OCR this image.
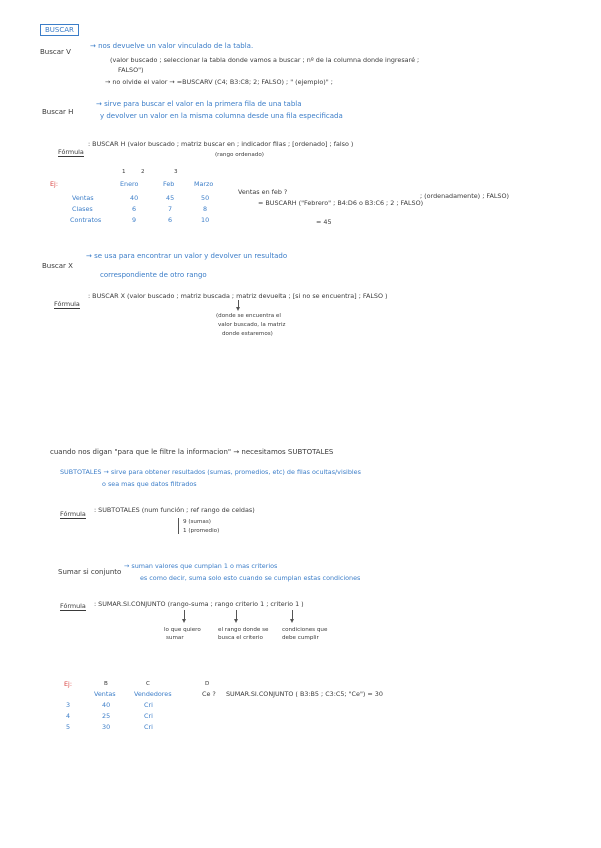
BUSCAR
Buscar V
→ nos devuelve un valor vinculado de la tabla.
(valor buscado ; seleccionar la tabla donde vamos a buscar ; nº de la columna donde ingresaré ;
FALSO")
→ no olvide el valor → =BUSCARV (C4; B3:C8; 2; FALSO) ; " (ejemplo)" ;
Buscar H
→ sirve para buscar el valor en la primera fila de una tabla
y devolver un valor en la misma columna desde una fila especificada
Fórmula
: BUSCAR H (valor buscado ; matriz buscar en ; indicador filas ; [ordenado] ; falso )
(rango ordenado)
Ej:
1	2	3
Enero	Feb	Marzo
Ventas	40	45	50
Clases	6	7	8
Contratos	9	6	10
Ventas en feb ?
= BUSCARH ("Febrero" ; B4:D6 o B3:C6 ; 2 ; FALSO)
; (ordenadamente) ; FALSO)
= 45
Buscar X
→ se usa para encontrar un valor y devolver un resultado
correspondiente de otro rango
Fórmula
: BUSCAR X (valor buscado ; matriz buscada ; matriz devuelta ; [si no se encuentra] ; FALSO )
(donde se encuentra el
valor buscado, la matriz
donde estaremos)
cuando nos digan "para que le filtre la informacion" → necesitamos SUBTOTALES
SUBTOTALES → sirve para obtener resultados (sumas, promedios, etc) de filas ocultas/visibles
o sea mas que datos filtrados
Fórmula : SUBTOTALES (num función ; ref rango de celdas)
9 (sumas)
1 (promedio)
Sumar si conjunto
→ suman valores que cumplan 1 o mas criterios
es como decir, suma solo esto cuando se cumplan estas condiciones
Fórmula : SUMAR.SI.CONJUNTO (rango-suma ; rango criterio 1 ; criterio 1 )
lo que quiero
sumar
el rango donde se
busca el criterio
condiciones que
debe cumplir
Ej:	B	C	D
Ventas	Vendedores
3	40	Cri
4	25	Cri
5	30	Cri
Ce ? SUMAR.SI.CONJUNTO ( B3:B5 ; C3:C5; "Ce") = 30
